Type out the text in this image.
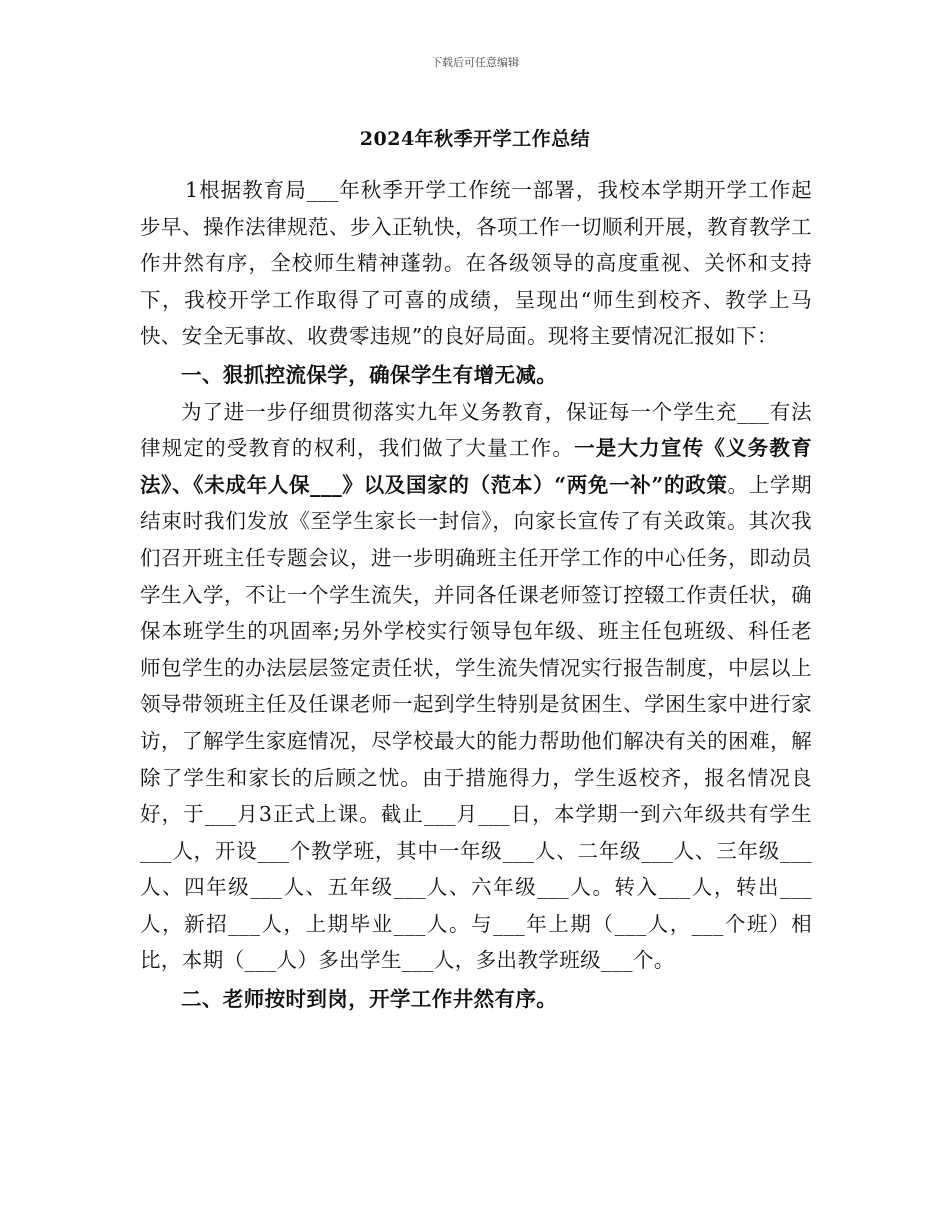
下载后可任意编辑
2024年秋季开学工作总结

1根据教育局___年秋季开学工作统一部署，我校本学期开学工作起步早、操作法律规范、步入正轨快，各项工作一切顺利开展，教育教学工作井然有序，全校师生精神蓬勃。在各级领导的高度重视、关怀和支持下，我校开学工作取得了可喜的成绩，呈现出“师生到校齐、教学上马快、安全无事故、收费零违规”的良好局面。现将主要情况汇报如下：

一、狠抓控流保学，确保学生有增无减。

为了进一步仔细贯彻落实九年义务教育，保证每一个学生充___有法律规定的受教育的权利，我们做了大量工作。一是大力宣传《义务教育法》、《未成年人保___》以及国家的（范本）“两免一补”的政策。上学期结束时我们发放《至学生家长一封信》，向家长宣传了有关政策。其次我们召开班主任专题会议，进一步明确班主任开学工作的中心任务，即动员学生入学，不让一个学生流失，并同各任课老师签订控辍工作责任状，确保本班学生的巩固率;另外学校实行领导包年级、班主任包班级、科任老师包学生的办法层层签定责任状，学生流失情况实行报告制度，中层以上领导带领班主任及任课老师一起到学生特别是贫困生、学困生家中进行家访，了解学生家庭情况，尽学校最大的能力帮助他们解决有关的困难，解除了学生和家长的后顾之忧。由于措施得力，学生返校齐，报名情况良好，于___月3正式上课。截止___月___日，本学期一到六年级共有学生___人，开设___个教学班，其中一年级___人、二年级___人、三年级___人、四年级___人、五年级___人、六年级___人。转入___人，转出___人，新招___人，上期毕业___人。与___年上期（___人，___个班）相比，本期（___人）多出学生___人，多出教学班级___个。

二、老师按时到岗，开学工作井然有序。
